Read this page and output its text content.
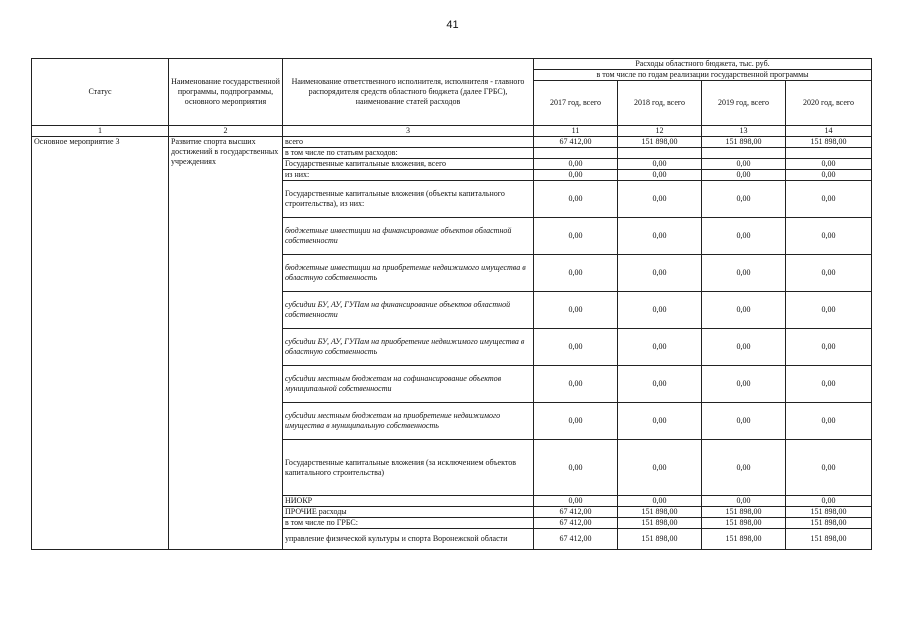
41
Статус	Наименование государственной программы, подпрограммы, основного мероприятия	Наименование ответственного исполнителя, исполнителя - главного распорядителя средств областного бюджета (далее ГРБС), наименование статей расходов	Расходы областного бюджета, тыс. руб.			
			в том числе по годам реализации государственной программы			
			2017 год, всего	2018 год, всего	2019 год, всего	2020 год, всего
1	2	3	11	12	13	14
Основное мероприятие 3	Развитие спорта высших достижений в государственных учреждениях	всего	67 412,00	151 898,00	151 898,00	151 898,00
		в том числе по статьям расходов:				
		Государственные капитальные вложения, всего	0,00	0,00	0,00	0,00
		из них:	0,00	0,00	0,00	0,00
		Государственные капитальные вложения (объекты капитального строительства), из них:	0,00	0,00	0,00	0,00
		бюджетные инвестиции на финансирование объектов областной собственности	0,00	0,00	0,00	0,00
		бюджетные инвестиции на приобретение недвижимого имущества в областную собственность	0,00	0,00	0,00	0,00
		субсидии БУ, АУ, ГУПам на финансирование объектов областной собственности	0,00	0,00	0,00	0,00
		субсидии БУ, АУ, ГУПам на приобретение недвижимого имущества в областную собственность	0,00	0,00	0,00	0,00
		субсидии местным бюджетам на софинансирование объектов муниципальной собственности	0,00	0,00	0,00	0,00
		субсидии местным бюджетам на приобретение недвижимого имущества в муниципальную собственность	0,00	0,00	0,00	0,00
		Государственные капитальные вложения (за исключением объектов капитального строительства)	0,00	0,00	0,00	0,00
		НИОКР	0,00	0,00	0,00	0,00
		ПРОЧИЕ расходы	67 412,00	151 898,00	151 898,00	151 898,00
		в том числе по ГРБС:	67 412,00	151 898,00	151 898,00	151 898,00
		управление физической культуры и спорта Воронежской области	67 412,00	151 898,00	151 898,00	151 898,00
